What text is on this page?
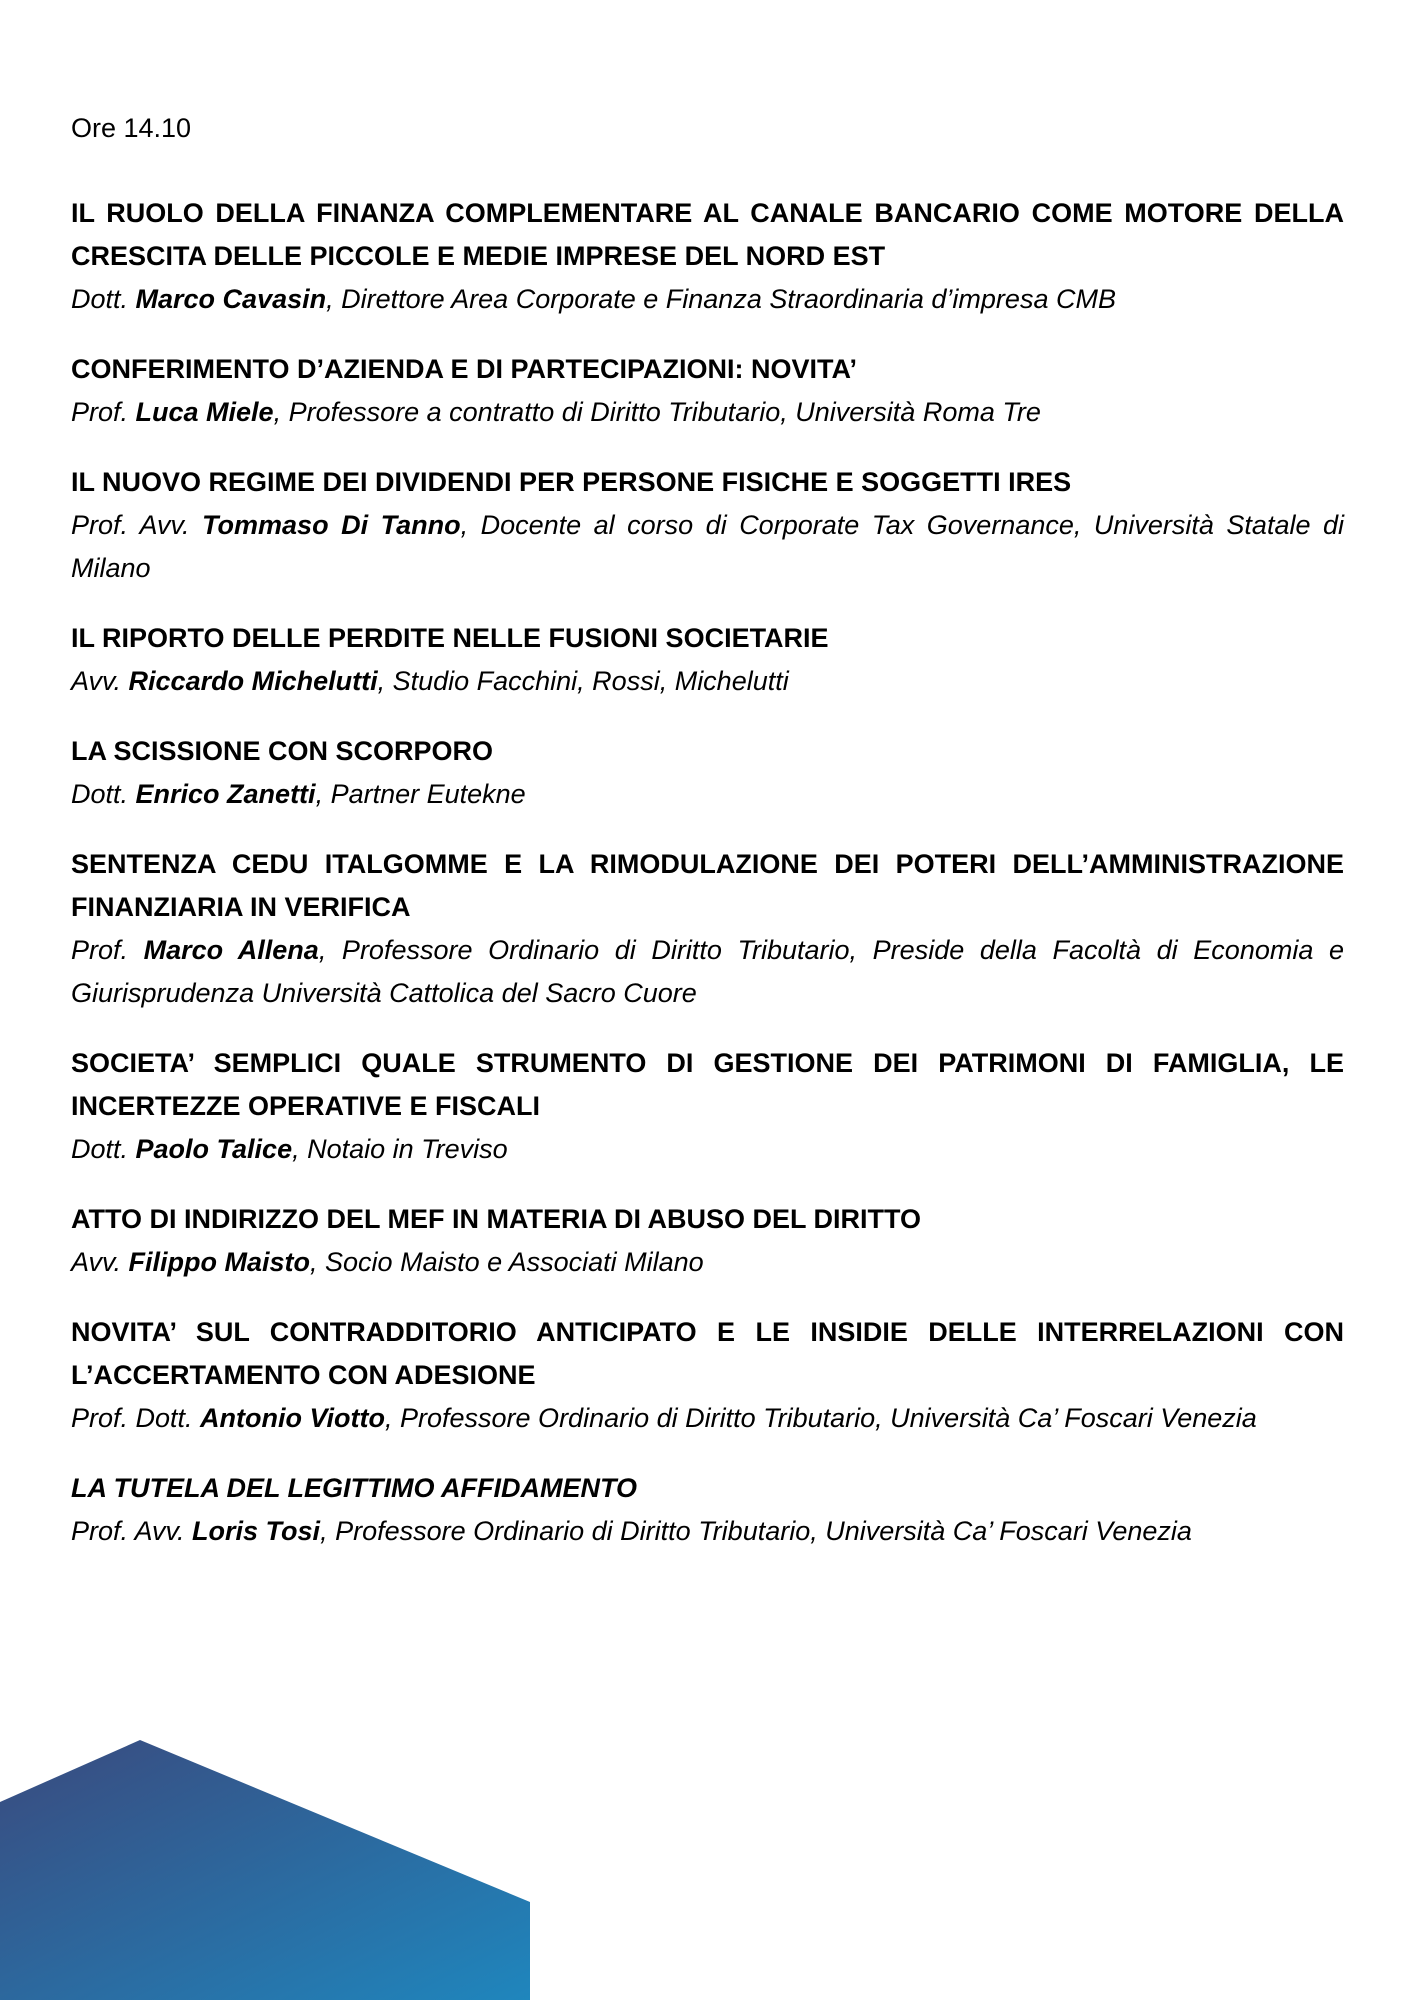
Ore 14.10

IL RUOLO DELLA FINANZA COMPLEMENTARE AL CANALE BANCARIO COME MOTORE DELLA CRESCITA DELLE PICCOLE E MEDIE IMPRESE DEL NORD EST

Dott. Marco Cavasin, Direttore Area Corporate e Finanza Straordinaria d’impresa CMB

CONFERIMENTO D’AZIENDA E DI PARTECIPAZIONI: NOVITA’

Prof. Luca Miele, Professore a contratto di Diritto Tributario, Università Roma Tre

IL NUOVO REGIME DEI DIVIDENDI PER PERSONE FISICHE E SOGGETTI IRES

Prof. Avv. Tommaso Di Tanno, Docente al corso di Corporate Tax Governance, Università Statale di Milano

IL RIPORTO DELLE PERDITE NELLE FUSIONI SOCIETARIE

Avv. Riccardo Michelutti, Studio Facchini, Rossi, Michelutti

LA SCISSIONE CON SCORPORO

Dott. Enrico Zanetti, Partner Eutekne

SENTENZA CEDU ITALGOMME E LA RIMODULAZIONE DEI POTERI DELL’AMMINISTRAZIONE FINANZIARIA IN VERIFICA

Prof. Marco Allena, Professore Ordinario di Diritto Tributario, Preside della Facoltà di Economia e Giurisprudenza Università Cattolica del Sacro Cuore

SOCIETA’ SEMPLICI QUALE STRUMENTO DI GESTIONE DEI PATRIMONI DI FAMIGLIA, LE INCERTEZZE OPERATIVE E FISCALI

Dott. Paolo Talice, Notaio in Treviso

ATTO DI INDIRIZZO DEL MEF IN MATERIA DI ABUSO DEL DIRITTO

Avv. Filippo Maisto, Socio Maisto e Associati Milano

NOVITA’ SUL CONTRADDITORIO ANTICIPATO E LE INSIDIE DELLE INTERRELAZIONI CON L’ACCERTAMENTO CON ADESIONE

Prof. Dott. Antonio Viotto, Professore Ordinario di Diritto Tributario, Università Ca’ Foscari Venezia

LA TUTELA DEL LEGITTIMO AFFIDAMENTO

Prof. Avv. Loris Tosi, Professore Ordinario di Diritto Tributario, Università Ca’ Foscari Venezia
